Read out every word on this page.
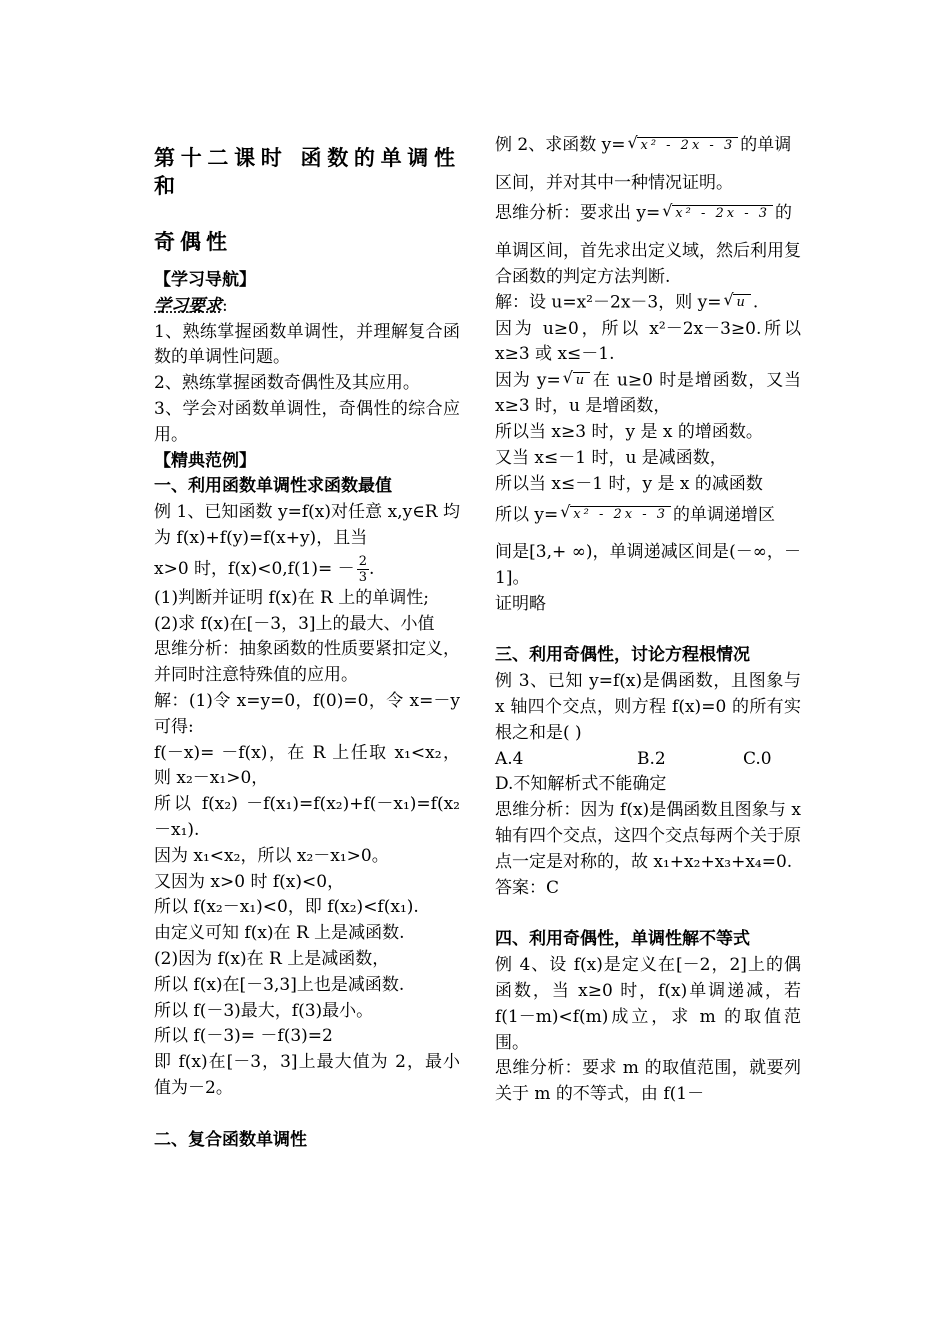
第十二课时 函数的单调性和

奇偶性

【学习导航】

学习要求:

1、熟练掌握函数单调性，并理解复合函数的单调性问题。

2、熟练掌握函数奇偶性及其应用。

3、学会对函数单调性，奇偶性的综合应用。

【精典范例】

一、利用函数单调性求函数最值

例 1、已知函数 y=f(x)对任意 x,y∈R 均为 f(x)+f(y)=f(x+y)，且当

x>0 时，$f(x)<0,f(1)= - \frac{2}{3}$ .

(1)判断并证明 f(x)在 R 上的单调性;

(2)求 f(x)在[－3，3]上的最大、小值

思维分析：抽象函数的性质要紧扣定义，并同时注意特殊值的应用。

解：(1)令 x=y=0，f(0)=0，令 x=－y 可得:

f(－x)= －f(x)，在 R 上任取 x₁<x₂，则 x₂－x₁>0，

所以 f(x₂) －f(x₁)=f(x₂)+f(－x₁)=f(x₂－x₁).

因为 x₁<x₂，所以 x₂－x₁>0。

又因为 x>0 时 f(x)<0，

所以 f(x₂－x₁)<0，即 f(x₂)<f(x₁).

由定义可知 f(x)在 R 上是减函数.

(2)因为 f(x)在 R 上是减函数，

所以 f(x)在[－3,3]上也是减函数.

所以 f(－3)最大，f(3)最小。

所以 f(－3)= －f(3)=2

即 f(x)在[－3，3]上最大值为 2，最小值为－2。

二、复合函数单调性

例 2、求函数 y= √ x² - 2x - 3 的单调

区间，并对其中一种情况证明。

思维分析：要求出 y= √ x² - 2x - 3 的

单调区间，首先求出定义域，然后利用复合函数的判定方法判断.

解：设 u=x²－2x－3，则 y= √ u .

因为 u≥0，所以 x²－2x－3≥0.所以 x≥3 或 x≤－1.

因为 y= √ u 在 u≥0 时是增函数，又当 x≥3 时，u 是增函数，

所以当 x≥3 时，y 是 x 的增函数。

又当 x≤－1 时，u 是减函数，

所以当 x≤－1 时，y 是 x 的减函数

所以 y= √ x² - 2x - 3 的单调递增区

间是[3,+ ∞)，单调递减区间是(－∞，－1]。

证明略

三、利用奇偶性，讨论方程根情况

例 3、已知 y=f(x)是偶函数，且图象与 x 轴四个交点，则方程 f(x)=0 的所有实根之和是( )

A.4	B.2	C.0

D.不知解析式不能确定

思维分析：因为 f(x)是偶函数且图象与 x 轴有四个交点，这四个交点每两个关于原点一定是对称的，故 x₁+x₂+x₃+x₄=0.

答案：C

四、利用奇偶性，单调性解不等式

例 4、设 f(x)是定义在[－2，2]上的偶函数，当 x≥0 时，f(x)单调递减，若 f(1－m)<f(m)成立，求 m 的取值范围。

思维分析：要求 m 的取值范围，就要列关于 m 的不等式，由 f(1－
